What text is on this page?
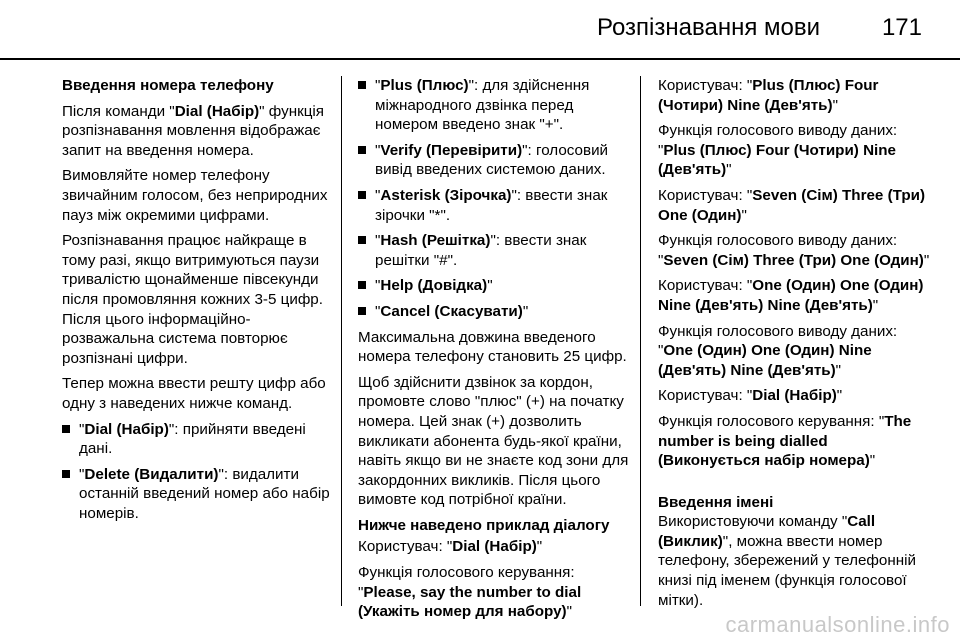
Розпізнавання мови	171

Введення номера телефону

Після команди "Dial (Набір)" функція розпізнавання мовлення відображає запит на введення номера.

Вимовляйте номер телефону звичайним голосом, без неприродних пауз між окремими цифрами.

Розпізнавання працює найкраще в тому разі, якщо витримуються паузи тривалістю щонайменше півсекунди після промовляння кожних 3-5 цифр. Після цього інформаційно-розважальна система повторює розпізнані цифри.

Тепер можна ввести решту цифр або одну з наведених нижче команд.

"Dial (Набір)": прийняти введені дані.
"Delete (Видалити)": видалити останній введений номер або набір номерів.
"Plus (Плюс)": для здійснення міжнародного дзвінка перед номером введено знак "+".
"Verify (Перевірити)": голосовий вивід введених системою даних.
"Asterisk (Зірочка)": ввести знак зірочки "*".
"Hash (Решітка)": ввести знак решітки "#".
"Help (Довідка)"
"Cancel (Скасувати)"

Максимальна довжина введеного номера телефону становить 25 цифр.

Щоб здійснити дзвінок за кордон, промовте слово "плюс" (+) на початку номера. Цей знак (+) дозволить викликати абонента будь-якої країни, навіть якщо ви не знаєте код зони для закордонних викликів. Після цього вимовте код потрібної країни.

Нижче наведено приклад діалогу

Користувач: "Dial (Набір)"

Функція голосового керування: "Please, say the number to dial (Укажіть номер для набору)"

Користувач: "Plus (Плюс) Four (Чотири) Nine (Дев'ять)"

Функція голосового виводу даних: "Plus (Плюс) Four (Чотири) Nine (Дев'ять)"

Користувач: "Seven (Сім) Three (Три) One (Один)"

Функція голосового виводу даних: "Seven (Сім) Three (Три) One (Один)"

Користувач: "One (Один) One (Один) Nine (Дев'ять) Nine (Дев'ять)"

Функція голосового виводу даних: "One (Один) One (Один) Nine (Дев'ять) Nine (Дев'ять)"

Користувач: "Dial (Набір)"

Функція голосового керування: "The number is being dialled (Виконується набір номера)"

Введення імені

Використовуючи команду "Call (Виклик)", можна ввести номер телефону, збережений у телефонній книзі під іменем (функція голосової мітки).

carmanualsonline.info
